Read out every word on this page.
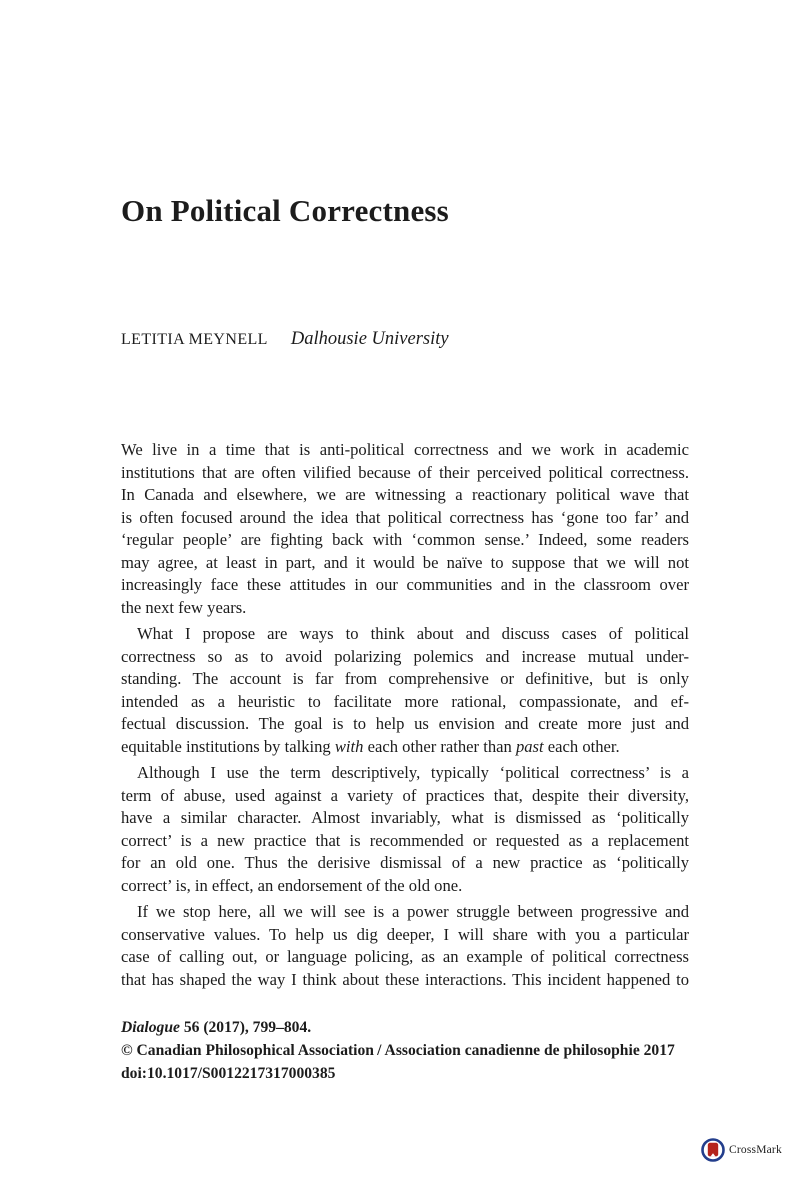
On Political Correctness
LETITIA MEYNELL Dalhousie University
We live in a time that is anti-political correctness and we work in academic
institutions that are often vilified because of their perceived political correctness.
In Canada and elsewhere, we are witnessing a reactionary political wave that
is often focused around the idea that political correctness has ‘gone too far’ and
‘regular people’ are fighting back with ‘common sense.’ Indeed, some readers
may agree, at least in part, and it would be naïve to suppose that we will not
increasingly face these attitudes in our communities and in the classroom over
the next few years.
What I propose are ways to think about and discuss cases of political
correctness so as to avoid polarizing polemics and increase mutual under-
standing. The account is far from comprehensive or definitive, but is only
intended as a heuristic to facilitate more rational, compassionate, and ef-
fectual discussion. The goal is to help us envision and create more just and
equitable institutions by talking with each other rather than past each other.
Although I use the term descriptively, typically ‘political correctness’ is a
term of abuse, used against a variety of practices that, despite their diversity,
have a similar character. Almost invariably, what is dismissed as ‘politically
correct’ is a new practice that is recommended or requested as a replacement
for an old one. Thus the derisive dismissal of a new practice as ‘politically
correct’ is, in effect, an endorsement of the old one.
If we stop here, all we will see is a power struggle between progressive and
conservative values. To help us dig deeper, I will share with you a particular
case of calling out, or language policing, as an example of political correctness
that has shaped the way I think about these interactions. This incident happened to
Dialogue 56 (2017), 799–804.
© Canadian Philosophical Association / Association canadienne de philosophie 2017
doi:10.1017/S0012217317000385
CrossMark
